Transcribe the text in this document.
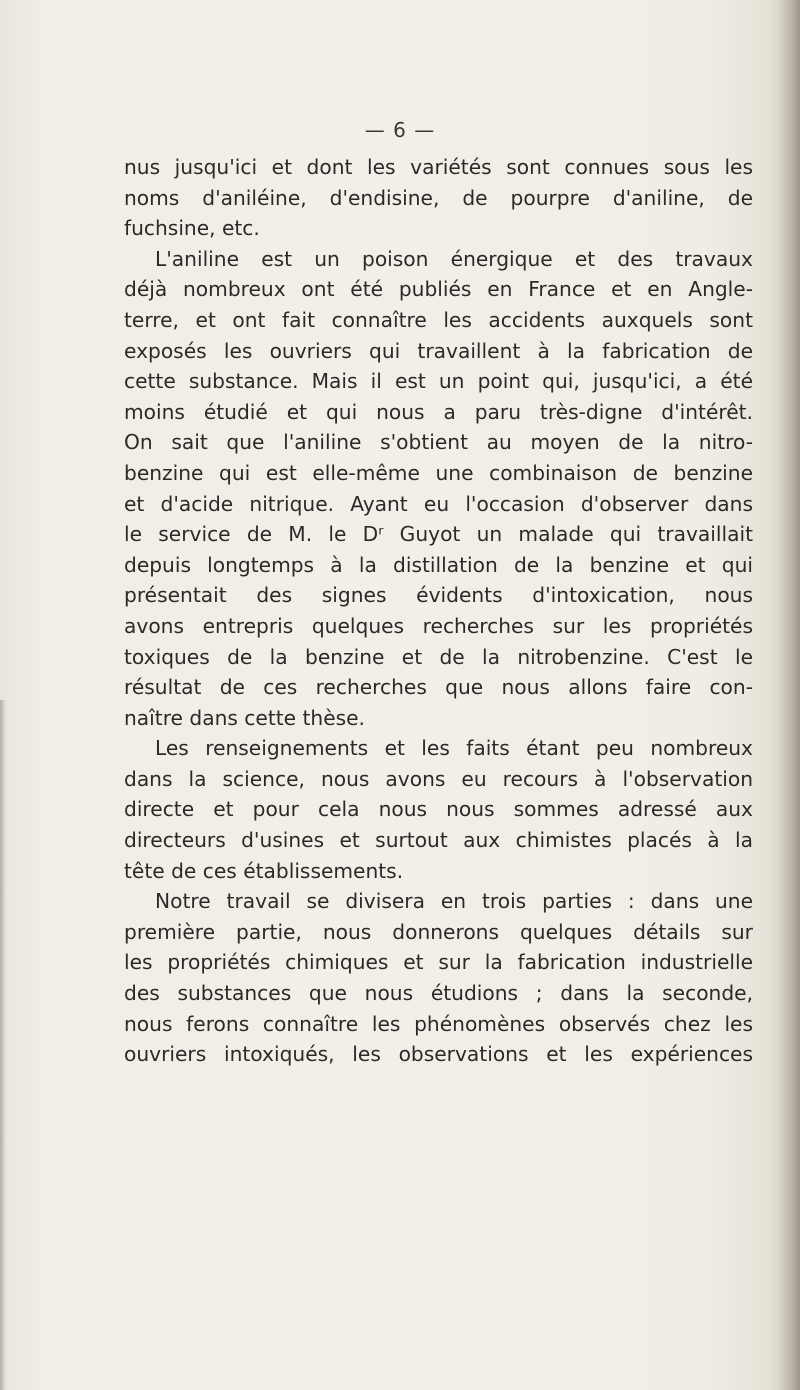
— 6 —
nus jusqu'ici et dont les variétés sont connues sous les
noms d'aniléine, d'endisine, de pourpre d'aniline, de
fuchsine, etc.
L'aniline est un poison énergique et des travaux
déjà nombreux ont été publiés en France et en Angle-
terre, et ont fait connaître les accidents auxquels sont
exposés les ouvriers qui travaillent à la fabrication de
cette substance. Mais il est un point qui, jusqu'ici, a été
moins étudié et qui nous a paru très-digne d'intérêt.
On sait que l'aniline s'obtient au moyen de la nitro-
benzine qui est elle-même une combinaison de benzine
et d'acide nitrique. Ayant eu l'occasion d'observer dans
le service de M. le Dʳ Guyot un malade qui travaillait
depuis longtemps à la distillation de la benzine et qui
présentait des signes évidents d'intoxication, nous
avons entrepris quelques recherches sur les propriétés
toxiques de la benzine et de la nitrobenzine. C'est le
résultat de ces recherches que nous allons faire con-
naître dans cette thèse.
Les renseignements et les faits étant peu nombreux
dans la science, nous avons eu recours à l'observation
directe et pour cela nous nous sommes adressé aux
directeurs d'usines et surtout aux chimistes placés à la
tête de ces établissements.
Notre travail se divisera en trois parties : dans une
première partie, nous donnerons quelques détails sur
les propriétés chimiques et sur la fabrication industrielle
des substances que nous étudions ; dans la seconde,
nous ferons connaître les phénomènes observés chez les
ouvriers intoxiqués, les observations et les expériences
